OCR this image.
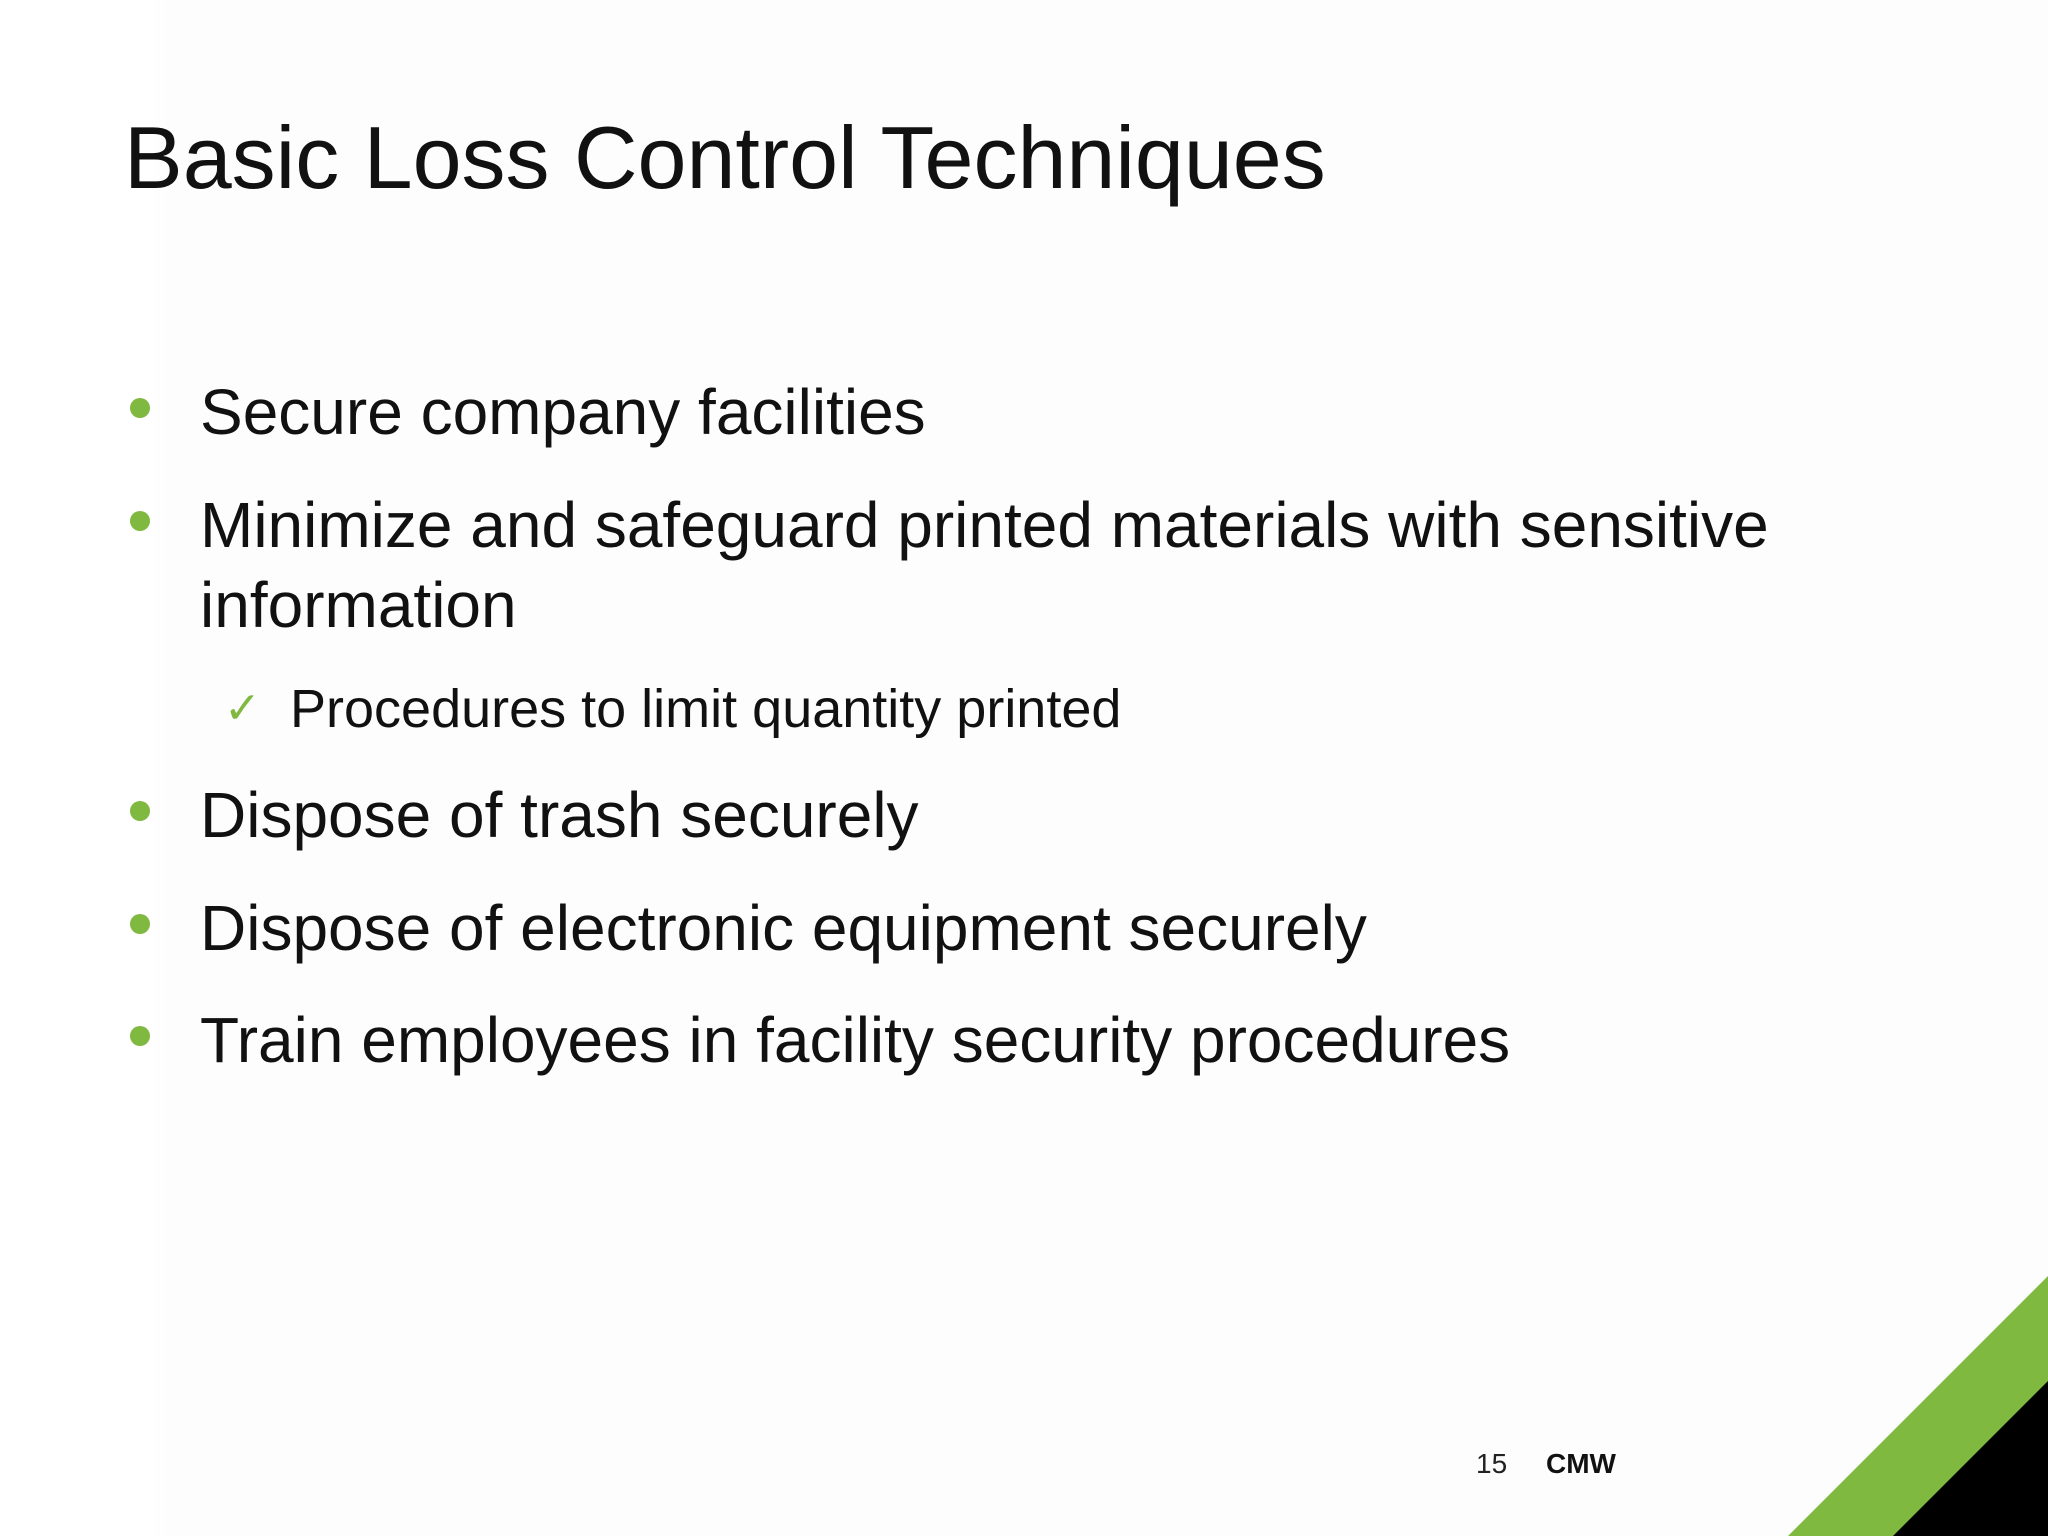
Basic Loss Control Techniques
Secure company facilities
Minimize and safeguard printed materials with sensitive information
✓ Procedures to limit quantity printed
Dispose of trash securely
Dispose of electronic equipment securely
Train employees in facility security procedures
15 CMW
